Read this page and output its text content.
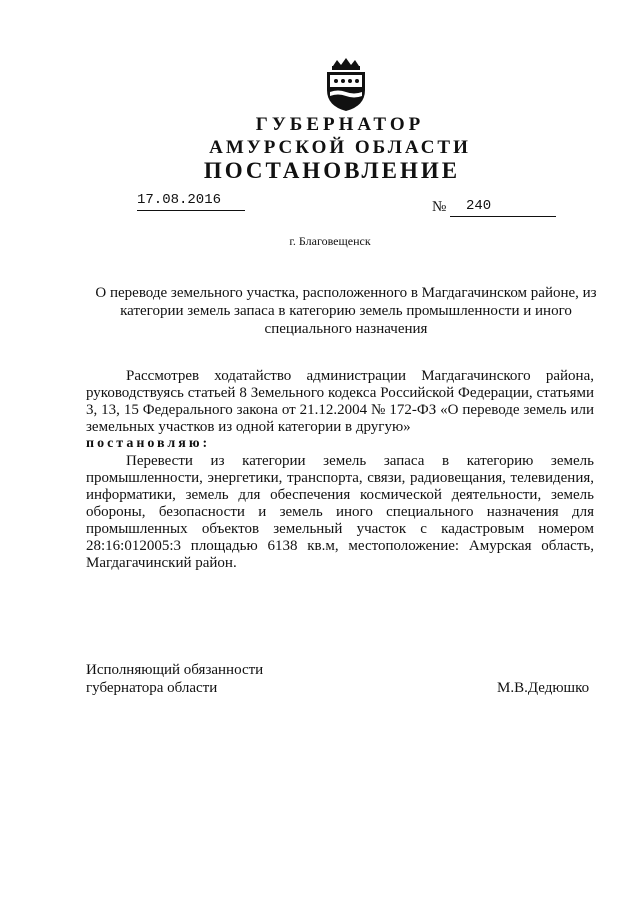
ГУБЕРНАТОР
АМУРСКОЙ ОБЛАСТИ
ПОСТАНОВЛЕНИЕ
17.08.2016	№	240
г. Благовещенск
О переводе земельного участка, расположенного в Магдагачинском районе, из категории земель запаса в категорию земель промышленности и иного специального назначения
Рассмотрев ходатайство администрации Магдагачинского района, руководствуясь статьей 8 Земельного кодекса Российской Федерации, статьями 3, 13, 15 Федерального закона от 21.12.2004 № 172-ФЗ «О переводе земель или земельных участков из одной категории в другую»
постановляю:
Перевести из категории земель запаса в категорию земель промышленности, энергетики, транспорта, связи, радиовещания, телевидения, информатики, земель для обеспечения космической деятельности, земель обороны, безопасности и земель иного специального назначения для промышленных объектов земельный участок с кадастровым номером 28:16:012005:3 площадью 6138 кв.м, местоположение: Амурская область, Магдагачинский район.
Исполняющий обязанности
губернатора области	М.В.Дедюшко
